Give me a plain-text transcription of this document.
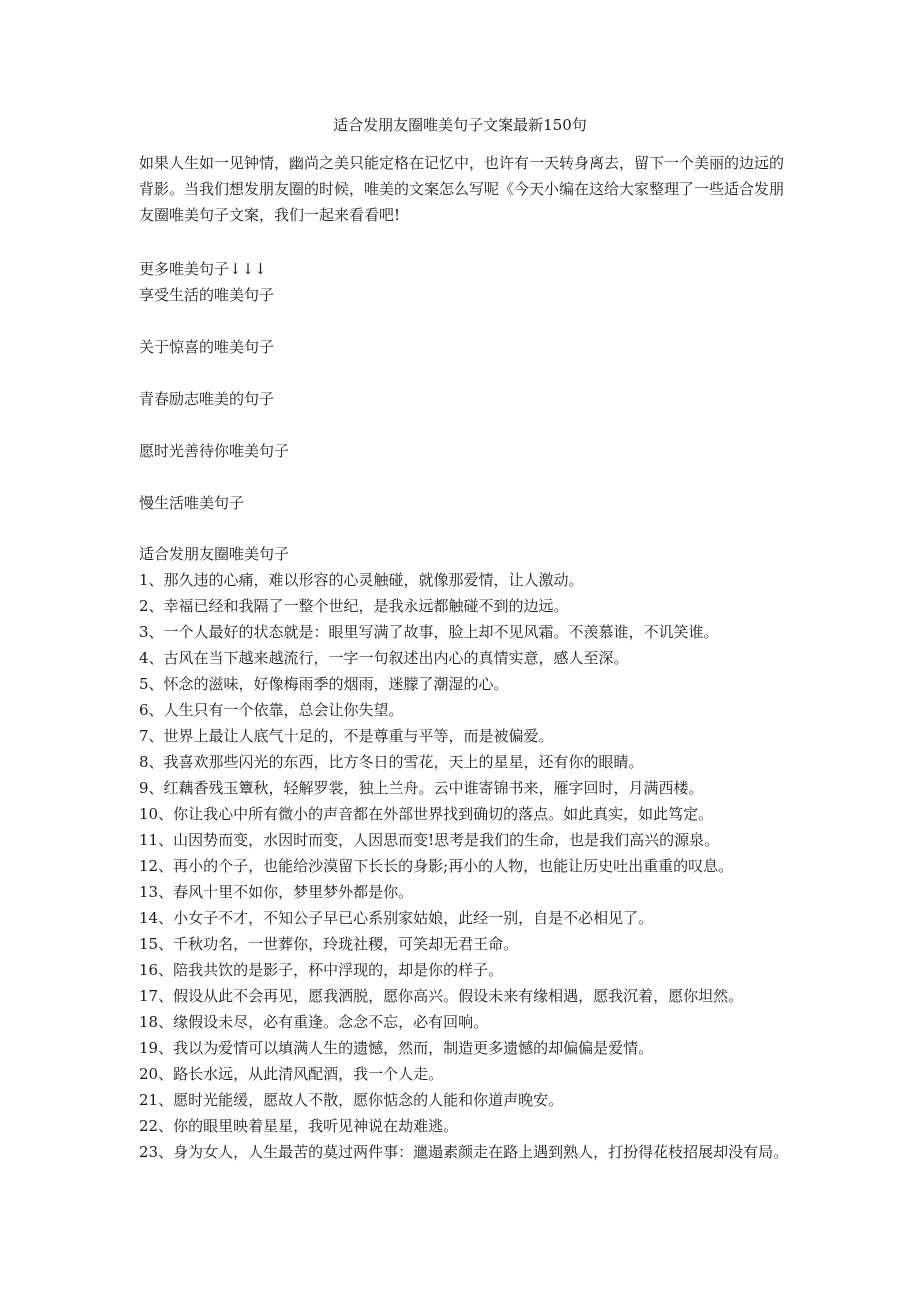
适合发朋友圈唯美句子文案最新150句

如果人生如一见钟情，幽尚之美只能定格在记忆中，也许有一天转身离去，留下一个美丽的边远的背影。当我们想发朋友圈的时候，唯美的文案怎么写呢《今天小编在这给大家整理了一些适合发朋友圈唯美句子文案，我们一起来看看吧!

更多唯美句子↓↓↓
享受生活的唯美句子
关于惊喜的唯美句子
青春励志唯美的句子
愿时光善待你唯美句子
慢生活唯美句子
适合发朋友圈唯美句子
1、那久违的心痛，难以形容的心灵触碰，就像那爱情，让人激动。
2、幸福已经和我隔了一整个世纪，是我永远都触碰不到的边远。
3、一个人最好的状态就是：眼里写满了故事，脸上却不见风霜。不羡慕谁，不讥笑谁。
4、古风在当下越来越流行，一字一句叙述出内心的真情实意，感人至深。
5、怀念的滋味，好像梅雨季的烟雨，迷朦了潮湿的心。
6、人生只有一个依靠，总会让你失望。
7、世界上最让人底气十足的，不是尊重与平等，而是被偏爱。
8、我喜欢那些闪光的东西，比方冬日的雪花，天上的星星，还有你的眼睛。
9、红藕香残玉簟秋，轻解罗裳，独上兰舟。云中谁寄锦书来，雁字回时，月满西楼。
10、你让我心中所有微小的声音都在外部世界找到确切的落点。如此真实，如此笃定。
11、山因势而变，水因时而变，人因思而变!思考是我们的生命，也是我们高兴的源泉。
12、再小的个子，也能给沙漠留下长长的身影;再小的人物，也能让历史吐出重重的叹息。
13、春风十里不如你，梦里梦外都是你。
14、小女子不才，不知公子早已心系别家姑娘，此经一别，自是不必相见了。
15、千秋功名，一世葬你，玲珑社稷，可笑却无君王命。
16、陪我共饮的是影子，杯中浮现的，却是你的样子。
17、假设从此不会再见，愿我洒脱，愿你高兴。假设未来有缘相遇，愿我沉着，愿你坦然。
18、缘假设未尽，必有重逢。念念不忘，必有回响。
19、我以为爱情可以填满人生的遗憾，然而，制造更多遗憾的却偏偏是爱情。
20、路长水远，从此清风配酒，我一个人走。
21、愿时光能缓，愿故人不散，愿你惦念的人能和你道声晚安。
22、你的眼里映着星星，我听见神说在劫难逃。
23、身为女人，人生最苦的莫过两件事：邋遢素颜走在路上遇到熟人，打扮得花枝招展却没有局。
